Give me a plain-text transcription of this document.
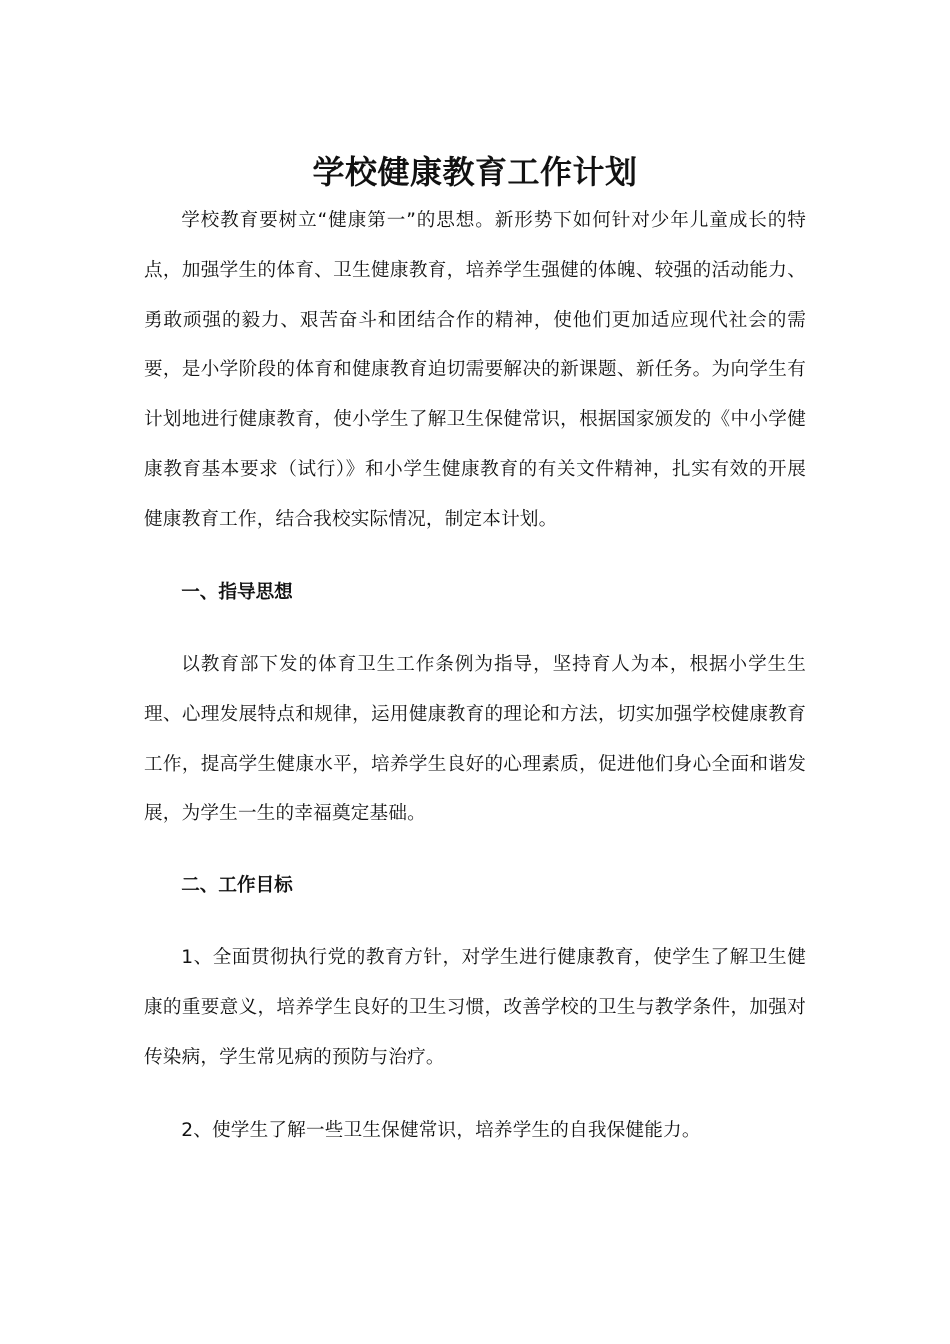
学校健康教育工作计划

学校教育要树立“健康第一”的思想。新形势下如何针对少年儿童成长的特点，加强学生的体育、卫生健康教育，培养学生强健的体魄、较强的活动能力、勇敢顽强的毅力、艰苦奋斗和团结合作的精神，使他们更加适应现代社会的需要，是小学阶段的体育和健康教育迫切需要解决的新课题、新任务。为向学生有计划地进行健康教育，使小学生了解卫生保健常识，根据国家颁发的《中小学健康教育基本要求（试行）》和小学生健康教育的有关文件精神，扎实有效的开展健康教育工作，结合我校实际情况，制定本计划。

一、指导思想

以教育部下发的体育卫生工作条例为指导，坚持育人为本，根据小学生生理、心理发展特点和规律，运用健康教育的理论和方法，切实加强学校健康教育工作，提高学生健康水平，培养学生良好的心理素质，促进他们身心全面和谐发展，为学生一生的幸福奠定基础。

二、工作目标

1、全面贯彻执行党的教育方针，对学生进行健康教育，使学生了解卫生健康的重要意义，培养学生良好的卫生习惯，改善学校的卫生与教学条件，加强对传染病，学生常见病的预防与治疗。

2、使学生了解一些卫生保健常识，培养学生的自我保健能力。
